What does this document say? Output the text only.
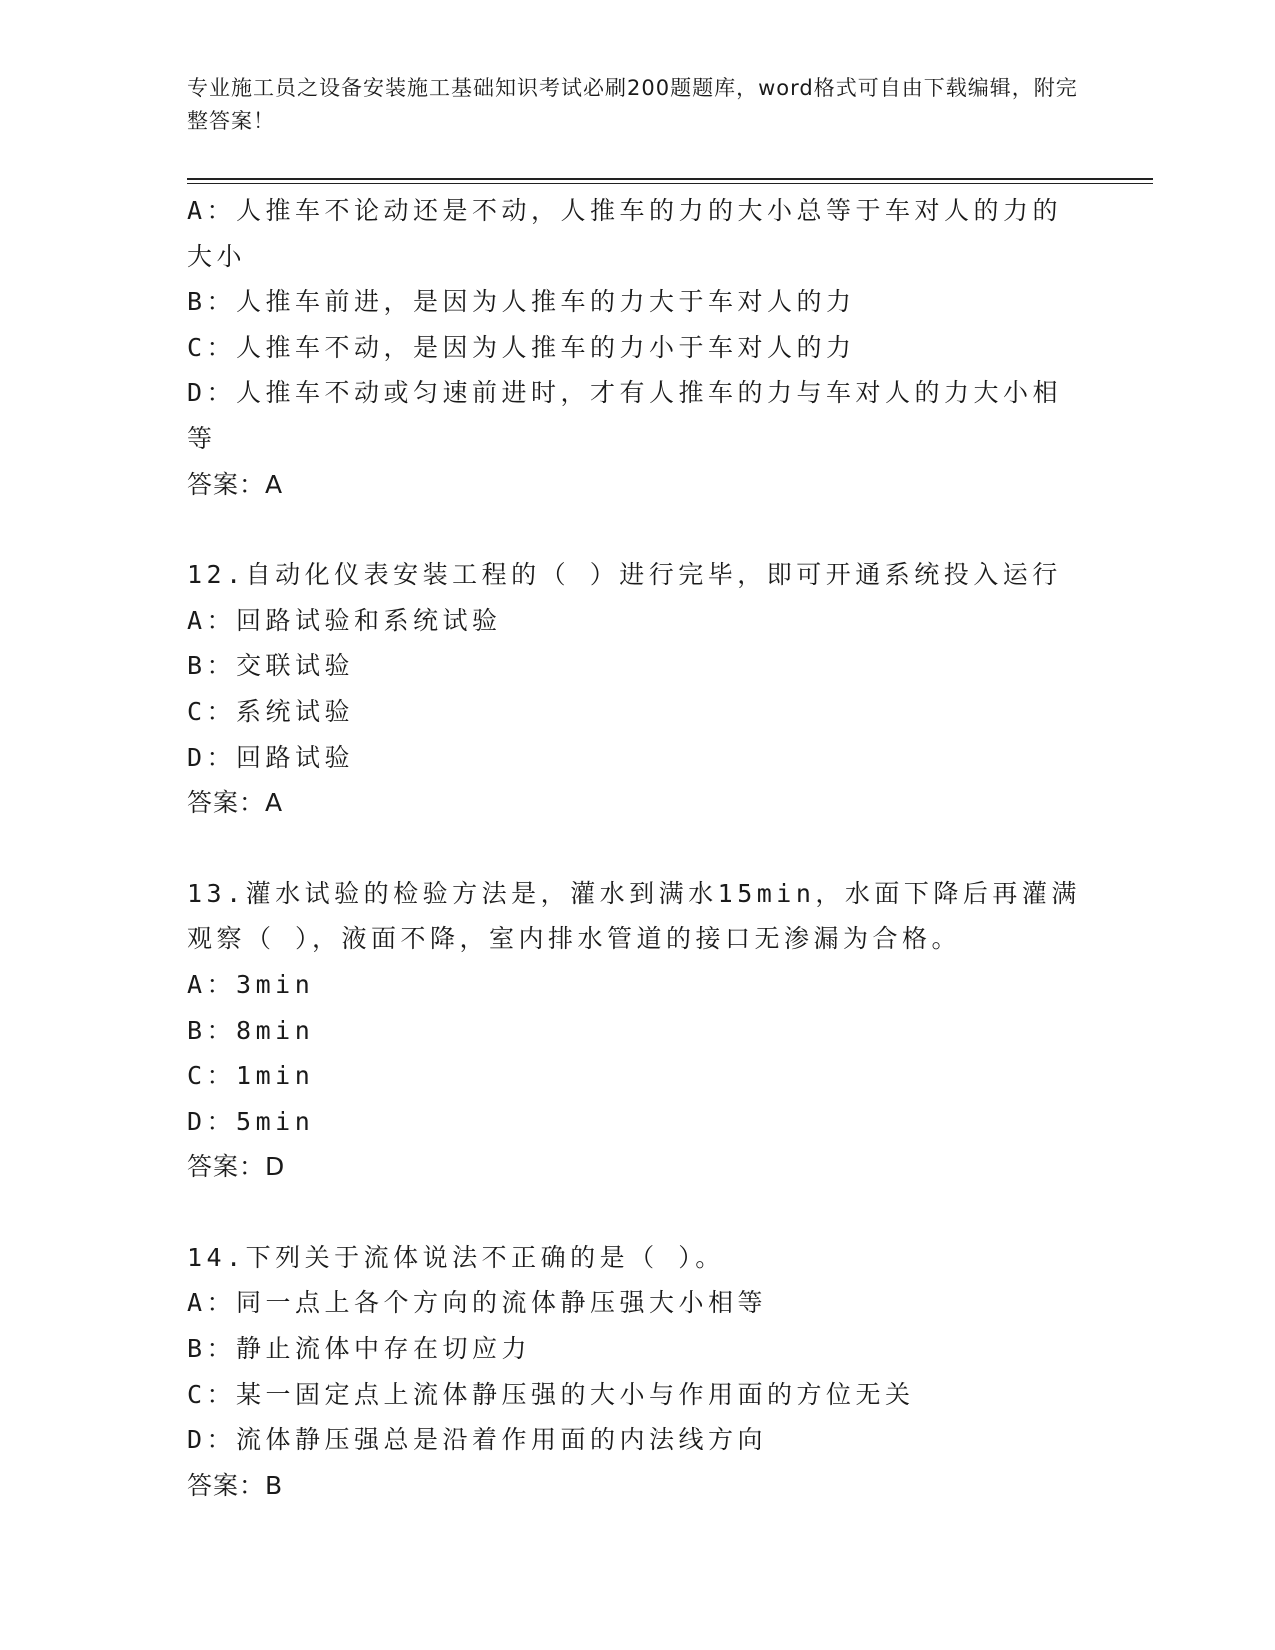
专业施工员之设备安装施工基础知识考试必刷200题题库，word格式可自由下载编辑，附完整答案！
A：人推车不论动还是不动，人推车的力的大小总等于车对人的力的大小
B：人推车前进，是因为人推车的力大于车对人的力
C：人推车不动，是因为人推车的力小于车对人的力
D：人推车不动或匀速前进时，才有人推车的力与车对人的力大小相等
答案：A
12.自动化仪表安装工程的（ ）进行完毕，即可开通系统投入运行
A：回路试验和系统试验
B：交联试验
C：系统试验
D：回路试验
答案：A
13.灌水试验的检验方法是，灌水到满水15min，水面下降后再灌满观察（ ），液面不降，室内排水管道的接口无渗漏为合格。
A：3min
B：8min
C：1min
D：5min
答案：D
14.下列关于流体说法不正确的是（ ）。
A：同一点上各个方向的流体静压强大小相等
B：静止流体中存在切应力
C：某一固定点上流体静压强的大小与作用面的方位无关
D：流体静压强总是沿着作用面的内法线方向
答案：B
